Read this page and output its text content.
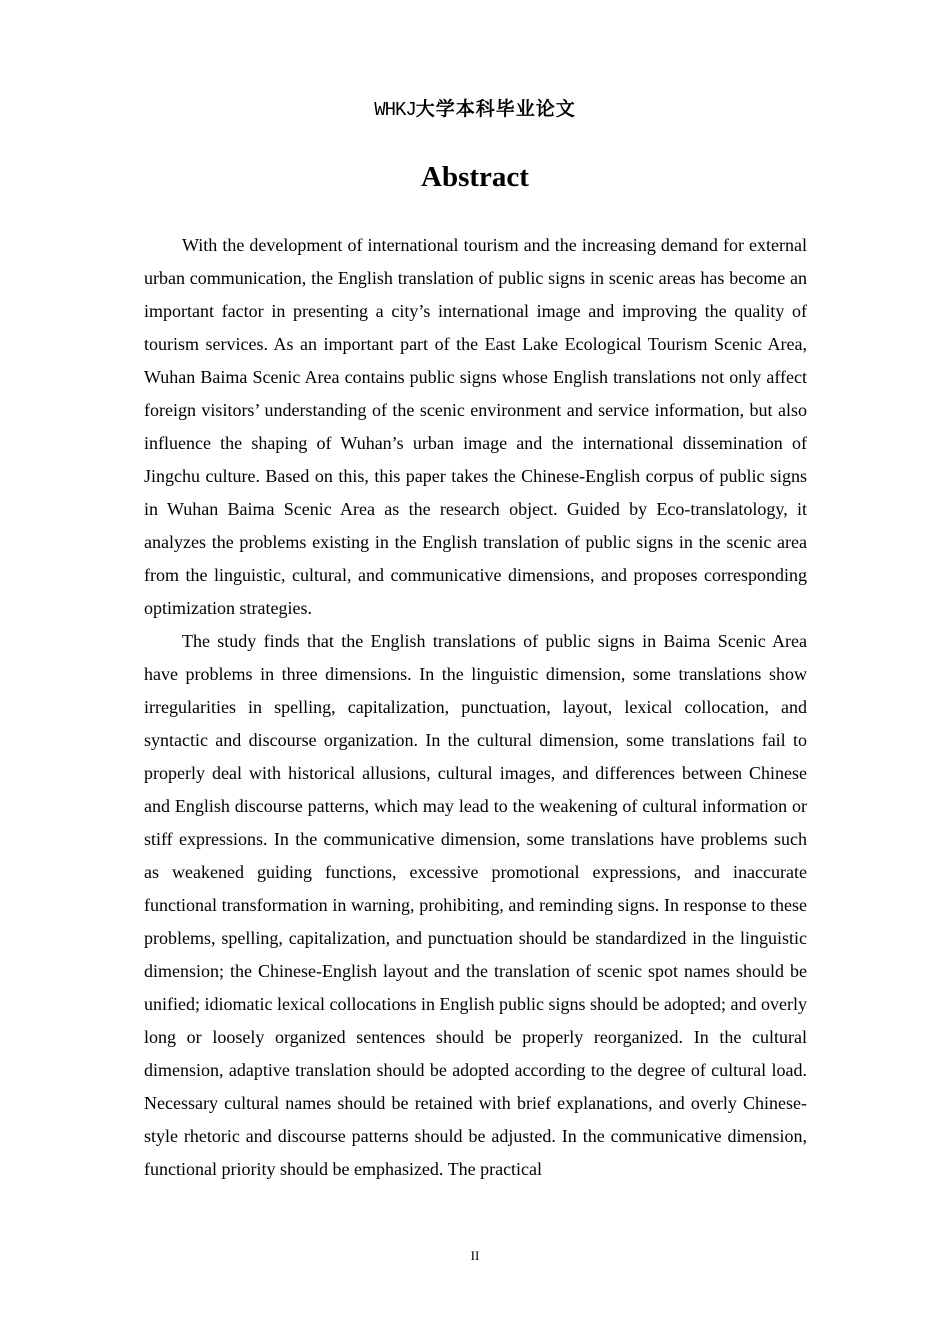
WHKJ大学本科毕业论文
Abstract

With the development of international tourism and the increasing demand for external urban communication, the English translation of public signs in scenic areas has become an important factor in presenting a city’s international image and improving the quality of tourism services. As an important part of the East Lake Ecological Tourism Scenic Area, Wuhan Baima Scenic Area contains public signs whose English translations not only affect foreign visitors’ understanding of the scenic environment and service information, but also influence the shaping of Wuhan’s urban image and the international dissemination of Jingchu culture. Based on this, this paper takes the Chinese-English corpus of public signs in Wuhan Baima Scenic Area as the research object. Guided by Eco-translatology, it analyzes the problems existing in the English translation of public signs in the scenic area from the linguistic, cultural, and communicative dimensions, and proposes corresponding optimization strategies.

The study finds that the English translations of public signs in Baima Scenic Area have problems in three dimensions. In the linguistic dimension, some translations show irregularities in spelling, capitalization, punctuation, layout, lexical collocation, and syntactic and discourse organization. In the cultural dimension, some translations fail to properly deal with historical allusions, cultural images, and differences between Chinese and English discourse patterns, which may lead to the weakening of cultural information or stiff expressions. In the communicative dimension, some translations have problems such as weakened guiding functions, excessive promotional expressions, and inaccurate functional transformation in warning, prohibiting, and reminding signs. In response to these problems, spelling, capitalization, and punctuation should be standardized in the linguistic dimension; the Chinese-English layout and the translation of scenic spot names should be unified; idiomatic lexical collocations in English public signs should be adopted; and overly long or loosely organized sentences should be properly reorganized. In the cultural dimension, adaptive translation should be adopted according to the degree of cultural load. Necessary cultural names should be retained with brief explanations, and overly Chinese-style rhetoric and discourse patterns should be adjusted. In the communicative dimension, functional priority should be emphasized. The practical

II
